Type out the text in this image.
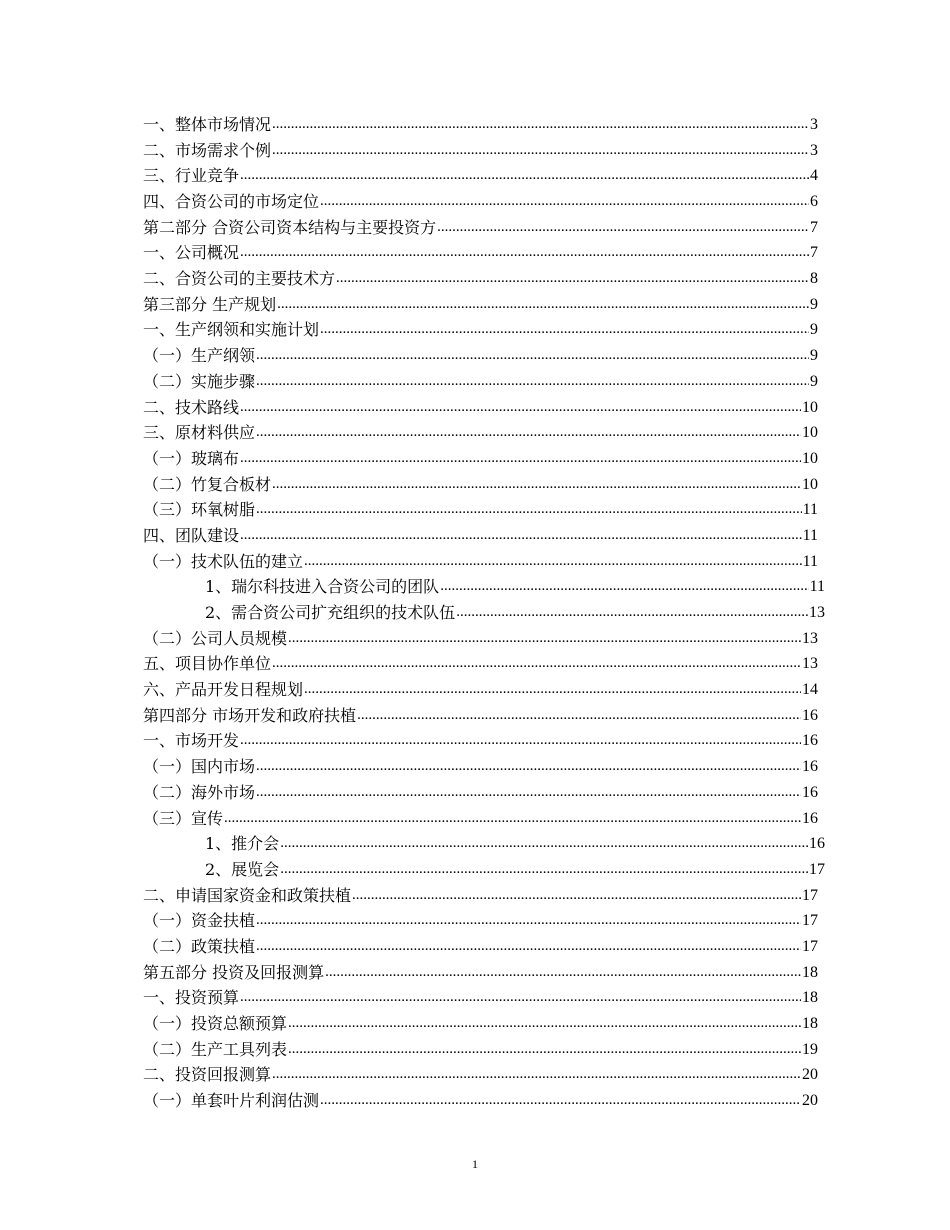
一、整体市场情况 .....	3
二、市场需求个例 .....	3
三、行业竞争 .....	4
四、合资公司的市场定位 .....	6
第二部分 合资公司资本结构与主要投资方 .....	7
一、公司概况 .....	7
二、合资公司的主要技术方 .....	8
第三部分 生产规划 .....	9
一、生产纲领和实施计划 .....	9
（一）生产纲领 .....	9
（二）实施步骤 .....	9
二、技术路线 .....	10
三、原材料供应 .....	10
（一）玻璃布 .....	10
（二）竹复合板材 .....	10
（三）环氧树脂 .....	11
四、团队建设 .....	11
（一）技术队伍的建立 .....	11
1、瑞尔科技进入合资公司的团队 .....	11
2、需合资公司扩充组织的技术队伍 .....	13
（二）公司人员规模 .....	13
五、项目协作单位 .....	13
六、产品开发日程规划 .....	14
第四部分 市场开发和政府扶植 .....	16
一、市场开发 .....	16
（一）国内市场 .....	16
（二）海外市场 .....	16
（三）宣传 .....	16
1、推介会 .....	16
2、展览会 .....	17
二、申请国家资金和政策扶植 .....	17
（一）资金扶植 .....	17
（二）政策扶植 .....	17
第五部分 投资及回报测算 .....	18
一、投资预算 .....	18
（一）投资总额预算 .....	18
（二）生产工具列表 .....	19
二、投资回报测算 .....	20
（一）单套叶片利润估测 .....	20
1
